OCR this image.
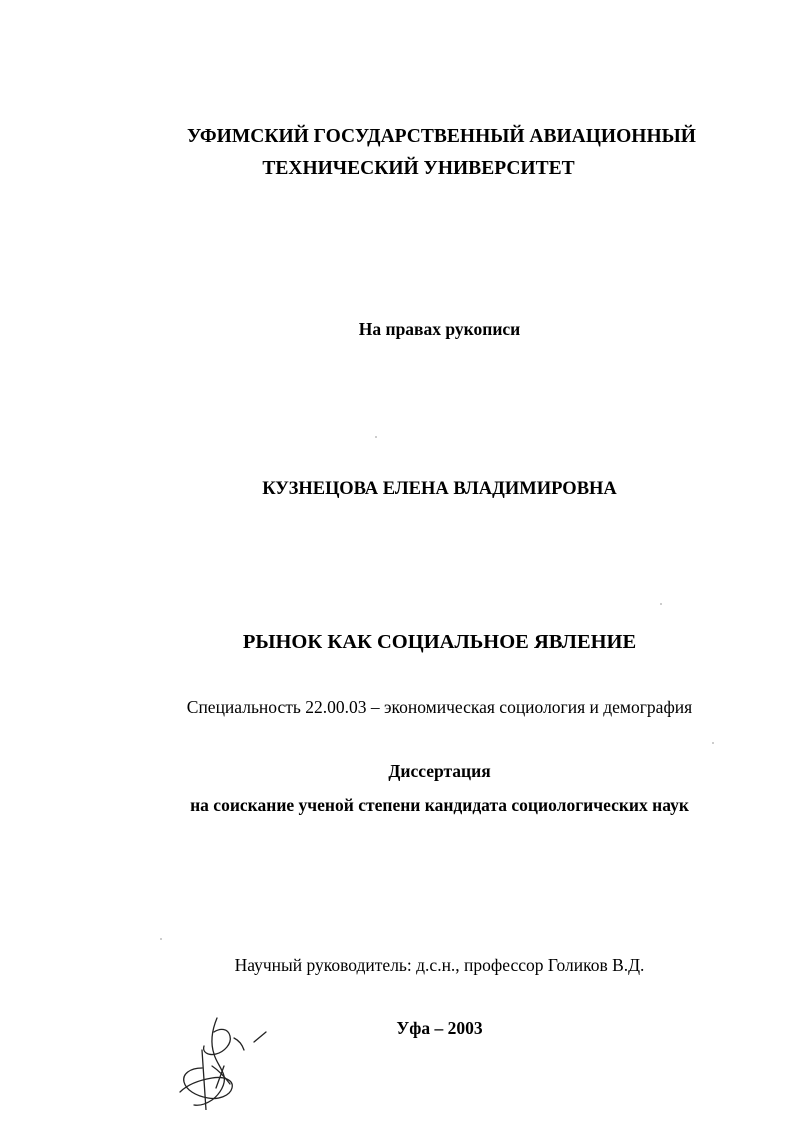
УФИМСКИЙ ГОСУДАРСТВЕННЫЙ АВИАЦИОННЫЙ
ТЕХНИЧЕСКИЙ УНИВЕРСИТЕТ
На правах рукописи
КУЗНЕЦОВА ЕЛЕНА ВЛАДИМИРОВНА
РЫНОК КАК СОЦИАЛЬНОЕ ЯВЛЕНИЕ
Специальность 22.00.03 – экономическая социология и демография
Диссертация
на соискание ученой степени кандидата социологических наук
Научный руководитель: д.с.н., профессор Голиков В.Д.
Уфа – 2003
